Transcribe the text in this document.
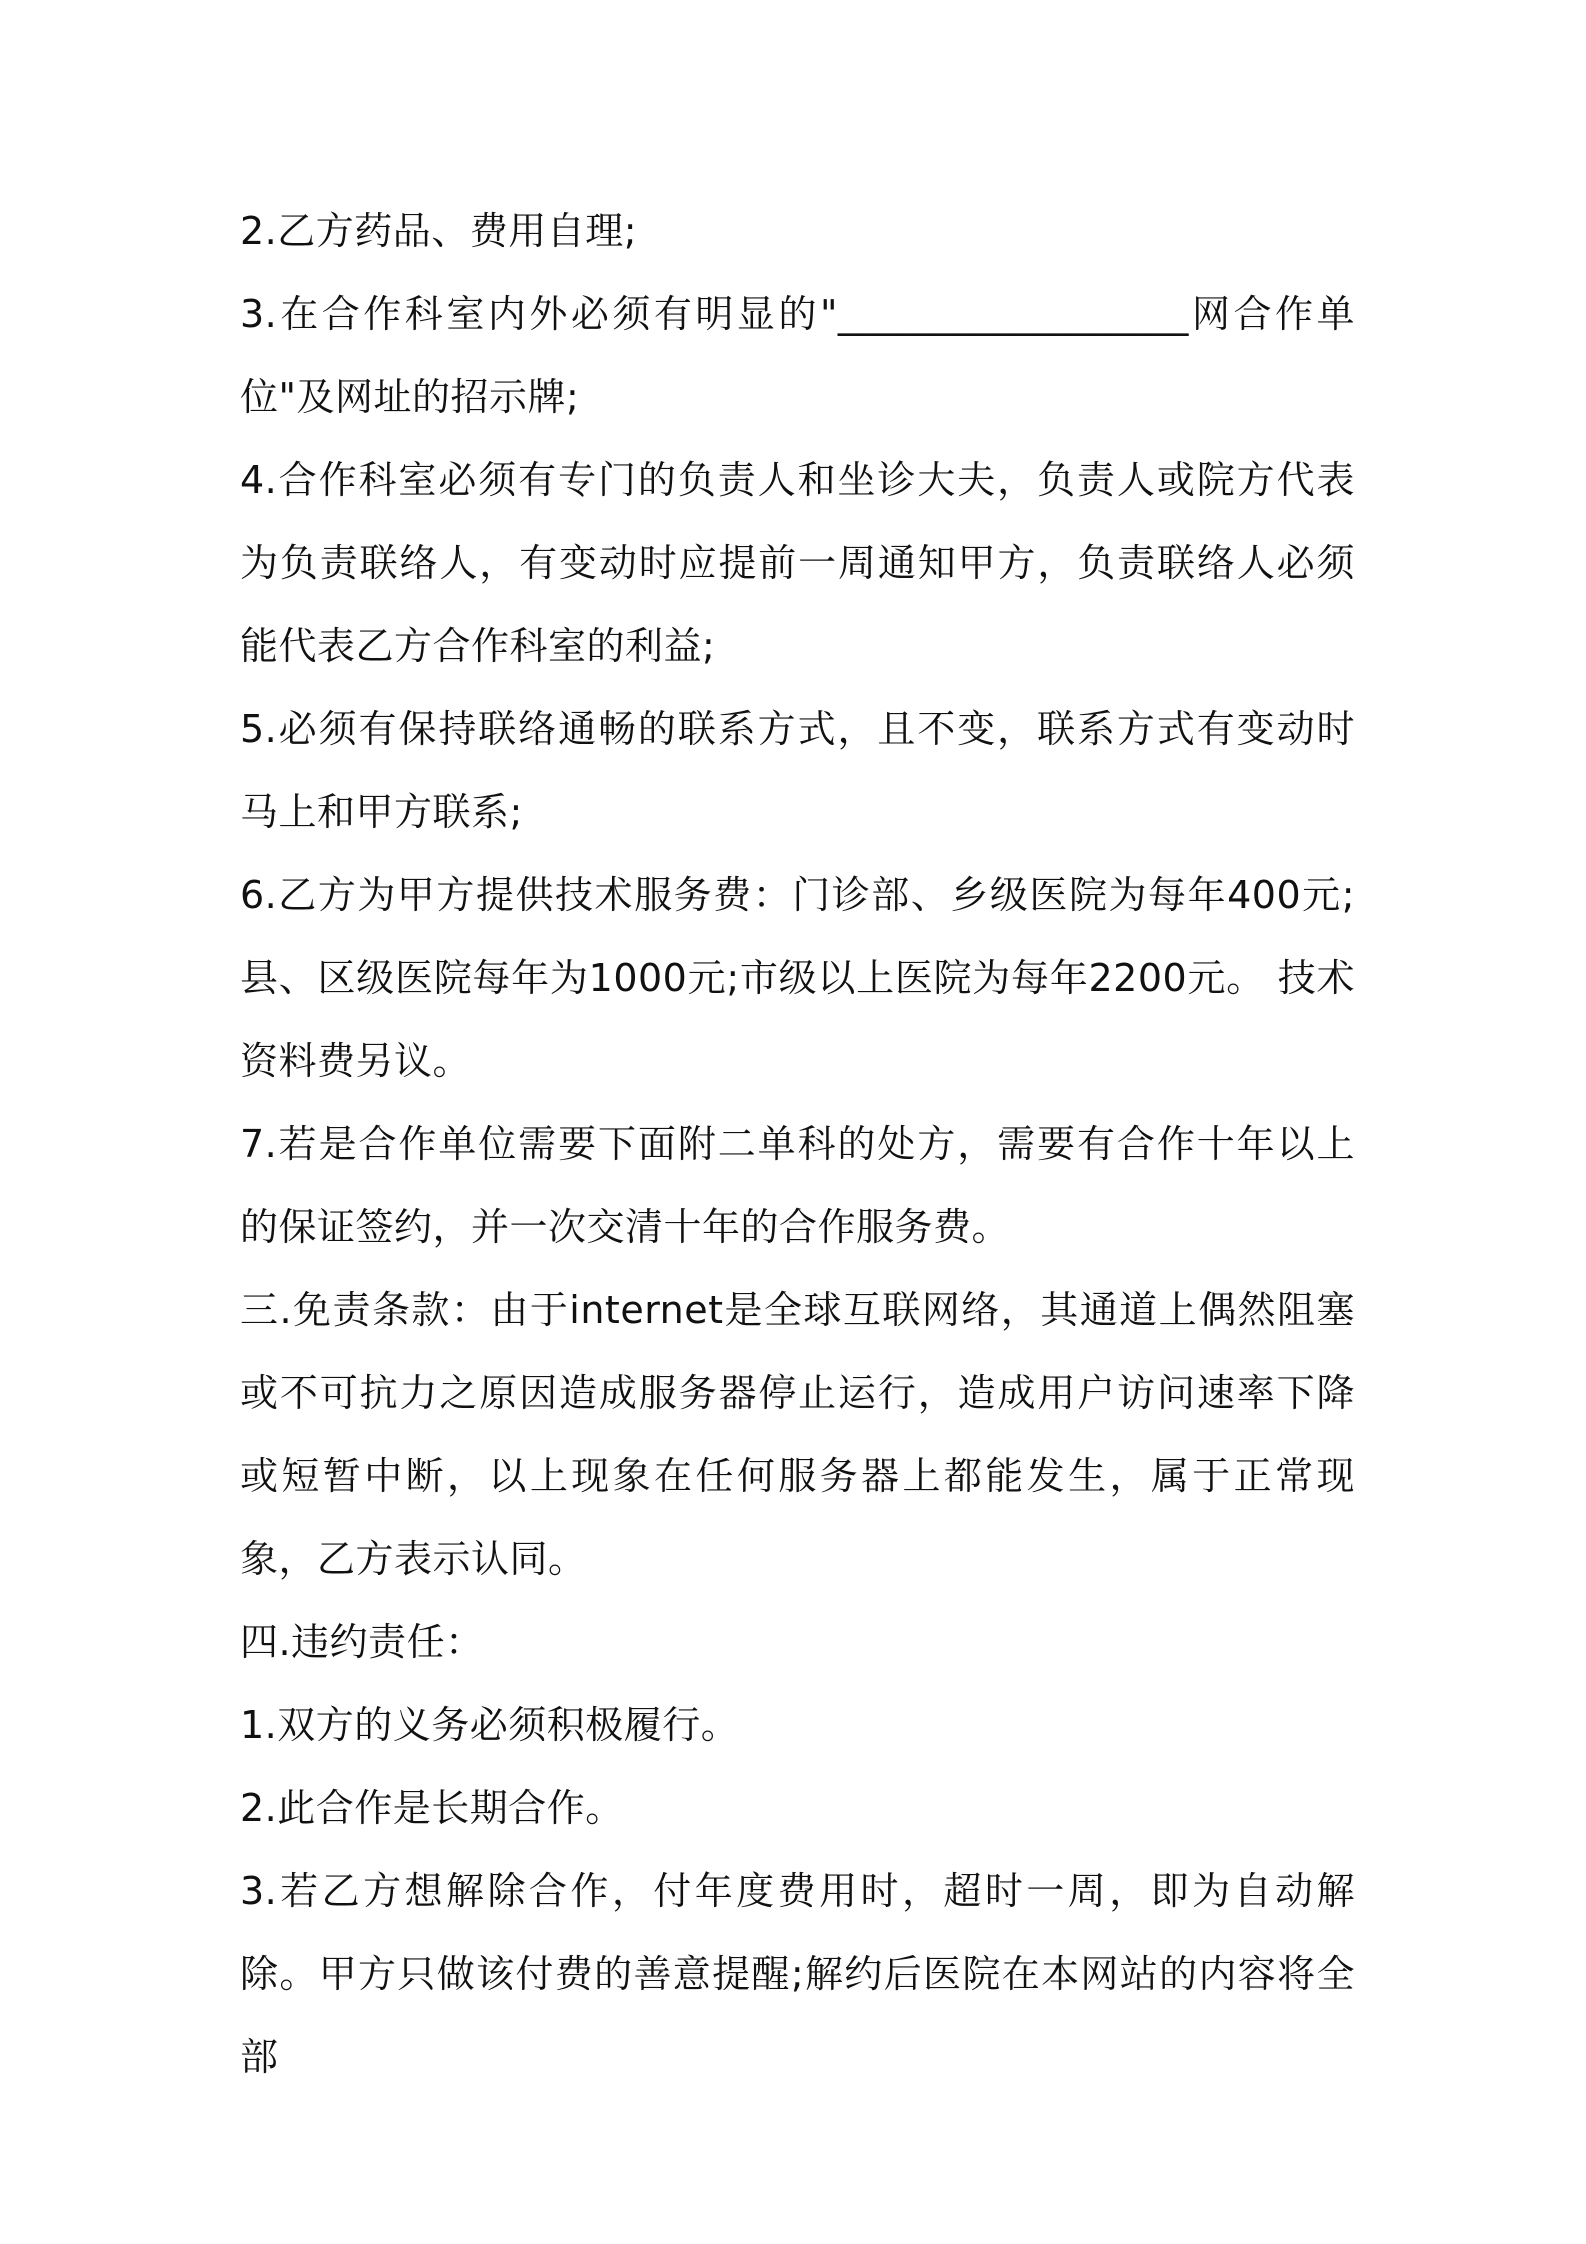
2.乙方药品、费用自理;

3.在合作科室内外必须有明显的"__________________网合作单位"及网址的招示牌;

4.合作科室必须有专门的负责人和坐诊大夫，负责人或院方代表为负责联络人，有变动时应提前一周通知甲方，负责联络人必须能代表乙方合作科室的利益;

5.必须有保持联络通畅的联系方式，且不变，联系方式有变动时马上和甲方联系;

6.乙方为甲方提供技术服务费：门诊部、乡级医院为每年400元;县、区级医院每年为1000元;市级以上医院为每年2200元。 技术资料费另议。

7.若是合作单位需要下面附二单科的处方，需要有合作十年以上的保证签约，并一次交清十年的合作服务费。

三.免责条款：由于internet是全球互联网络，其通道上偶然阻塞或不可抗力之原因造成服务器停止运行，造成用户访问速率下降或短暂中断，以上现象在任何服务器上都能发生，属于正常现象，乙方表示认同。

四.违约责任：

1.双方的义务必须积极履行。

2.此合作是长期合作。

3.若乙方想解除合作，付年度费用时，超时一周，即为自动解除。甲方只做该付费的善意提醒;解约后医院在本网站的内容将全部
